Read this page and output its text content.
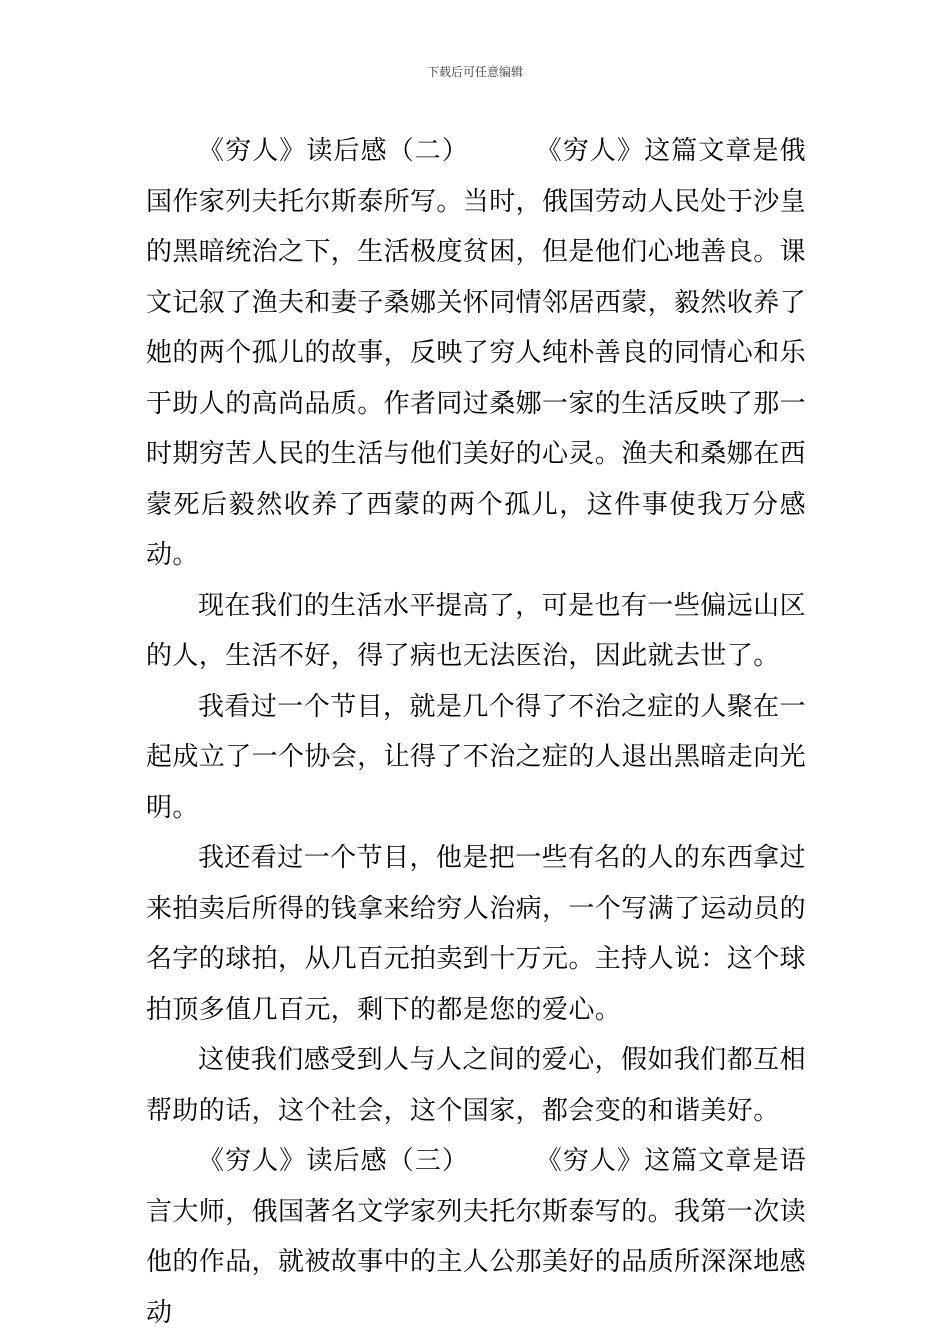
下载后可任意编辑

《穷人》读后感（二）	《穷人》这篇文章是俄国作家列夫托尔斯泰所写。当时，俄国劳动人民处于沙皇的黑暗统治之下，生活极度贫困，但是他们心地善良。课文记叙了渔夫和妻子桑娜关怀同情邻居西蒙，毅然收养了她的两个孤儿的故事，反映了穷人纯朴善良的同情心和乐于助人的高尚品质。作者同过桑娜一家的生活反映了那一时期穷苦人民的生活与他们美好的心灵。渔夫和桑娜在西蒙死后毅然收养了西蒙的两个孤儿，这件事使我万分感动。

现在我们的生活水平提高了，可是也有一些偏远山区的人，生活不好，得了病也无法医治，因此就去世了。

我看过一个节目，就是几个得了不治之症的人聚在一起成立了一个协会，让得了不治之症的人退出黑暗走向光明。

我还看过一个节目，他是把一些有名的人的东西拿过来拍卖后所得的钱拿来给穷人治病，一个写满了运动员的名字的球拍，从几百元拍卖到十万元。主持人说：这个球拍顶多值几百元，剩下的都是您的爱心。

这使我们感受到人与人之间的爱心，假如我们都互相帮助的话，这个社会，这个国家，都会变的和谐美好。

《穷人》读后感（三）	《穷人》这篇文章是语言大师，俄国著名文学家列夫托尔斯泰写的。我第一次读他的作品，就被故事中的主人公那美好的品质所深深地感动
